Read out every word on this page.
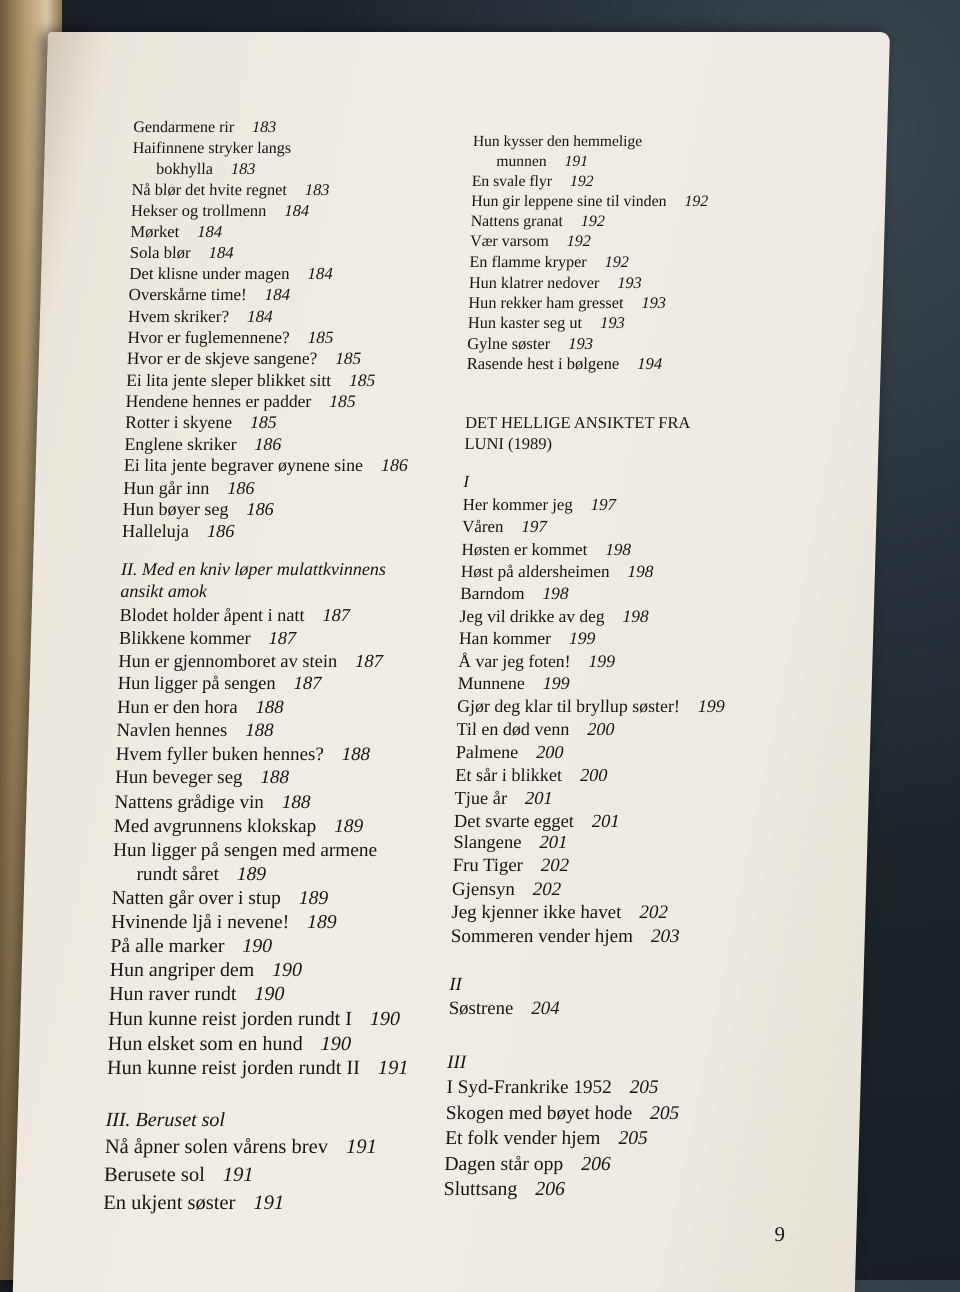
Gendarmene rir 183
Haifinnene stryker langs
bokhylla 183
Nå blør det hvite regnet 183
Hekser og trollmenn 184
Mørket 184
Sola blør 184
Det klisne under magen 184
Overskårne time! 184
Hvem skriker? 184
Hvor er fuglemennene? 185
Hvor er de skjeve sangene? 185
Ei lita jente sleper blikket sitt 185
Hendene hennes er padder 185
Rotter i skyene 185
Englene skriker 186
Ei lita jente begraver øynene sine 186
Hun går inn 186
Hun bøyer seg 186
Halleluja 186
II. Med en kniv løper mulattkvinnens
ansikt amok
Blodet holder åpent i natt 187
Blikkene kommer 187
Hun er gjennomboret av stein 187
Hun ligger på sengen 187
Hun er den hora 188
Navlen hennes 188
Hvem fyller buken hennes? 188
Hun beveger seg 188
Nattens grådige vin 188
Med avgrunnens klokskap 189
Hun ligger på sengen med armene
rundt såret 189
Natten går over i stup 189
Hvinende ljå i nevene! 189
På alle marker 190
Hun angriper dem 190
Hun raver rundt 190
Hun kunne reist jorden rundt I 190
Hun elsket som en hund 190
Hun kunne reist jorden rundt II 191
III. Beruset sol
Nå åpner solen vårens brev 191
Berusete sol 191
En ukjent søster 191
Hun kysser den hemmelige
munnen 191
En svale flyr 192
Hun gir leppene sine til vinden 192
Nattens granat 192
Vær varsom 192
En flamme kryper 192
Hun klatrer nedover 193
Hun rekker ham gresset 193
Hun kaster seg ut 193
Gylne søster 193
Rasende hest i bølgene 194
DET HELLIGE ANSIKTET FRA
LUNI (1989)
I
Her kommer jeg 197
Våren 197
Høsten er kommet 198
Høst på aldersheimen 198
Barndom 198
Jeg vil drikke av deg 198
Han kommer 199
Å var jeg foten! 199
Munnene 199
Gjør deg klar til bryllup søster! 199
Til en død venn 200
Palmene 200
Et sår i blikket 200
Tjue år 201
Det svarte egget 201
Slangene 201
Fru Tiger 202
Gjensyn 202
Jeg kjenner ikke havet 202
Sommeren vender hjem 203
II
Søstrene 204
III
I Syd-Frankrike 1952 205
Skogen med bøyet hode 205
Et folk vender hjem 205
Dagen står opp 206
Sluttsang 206
9
